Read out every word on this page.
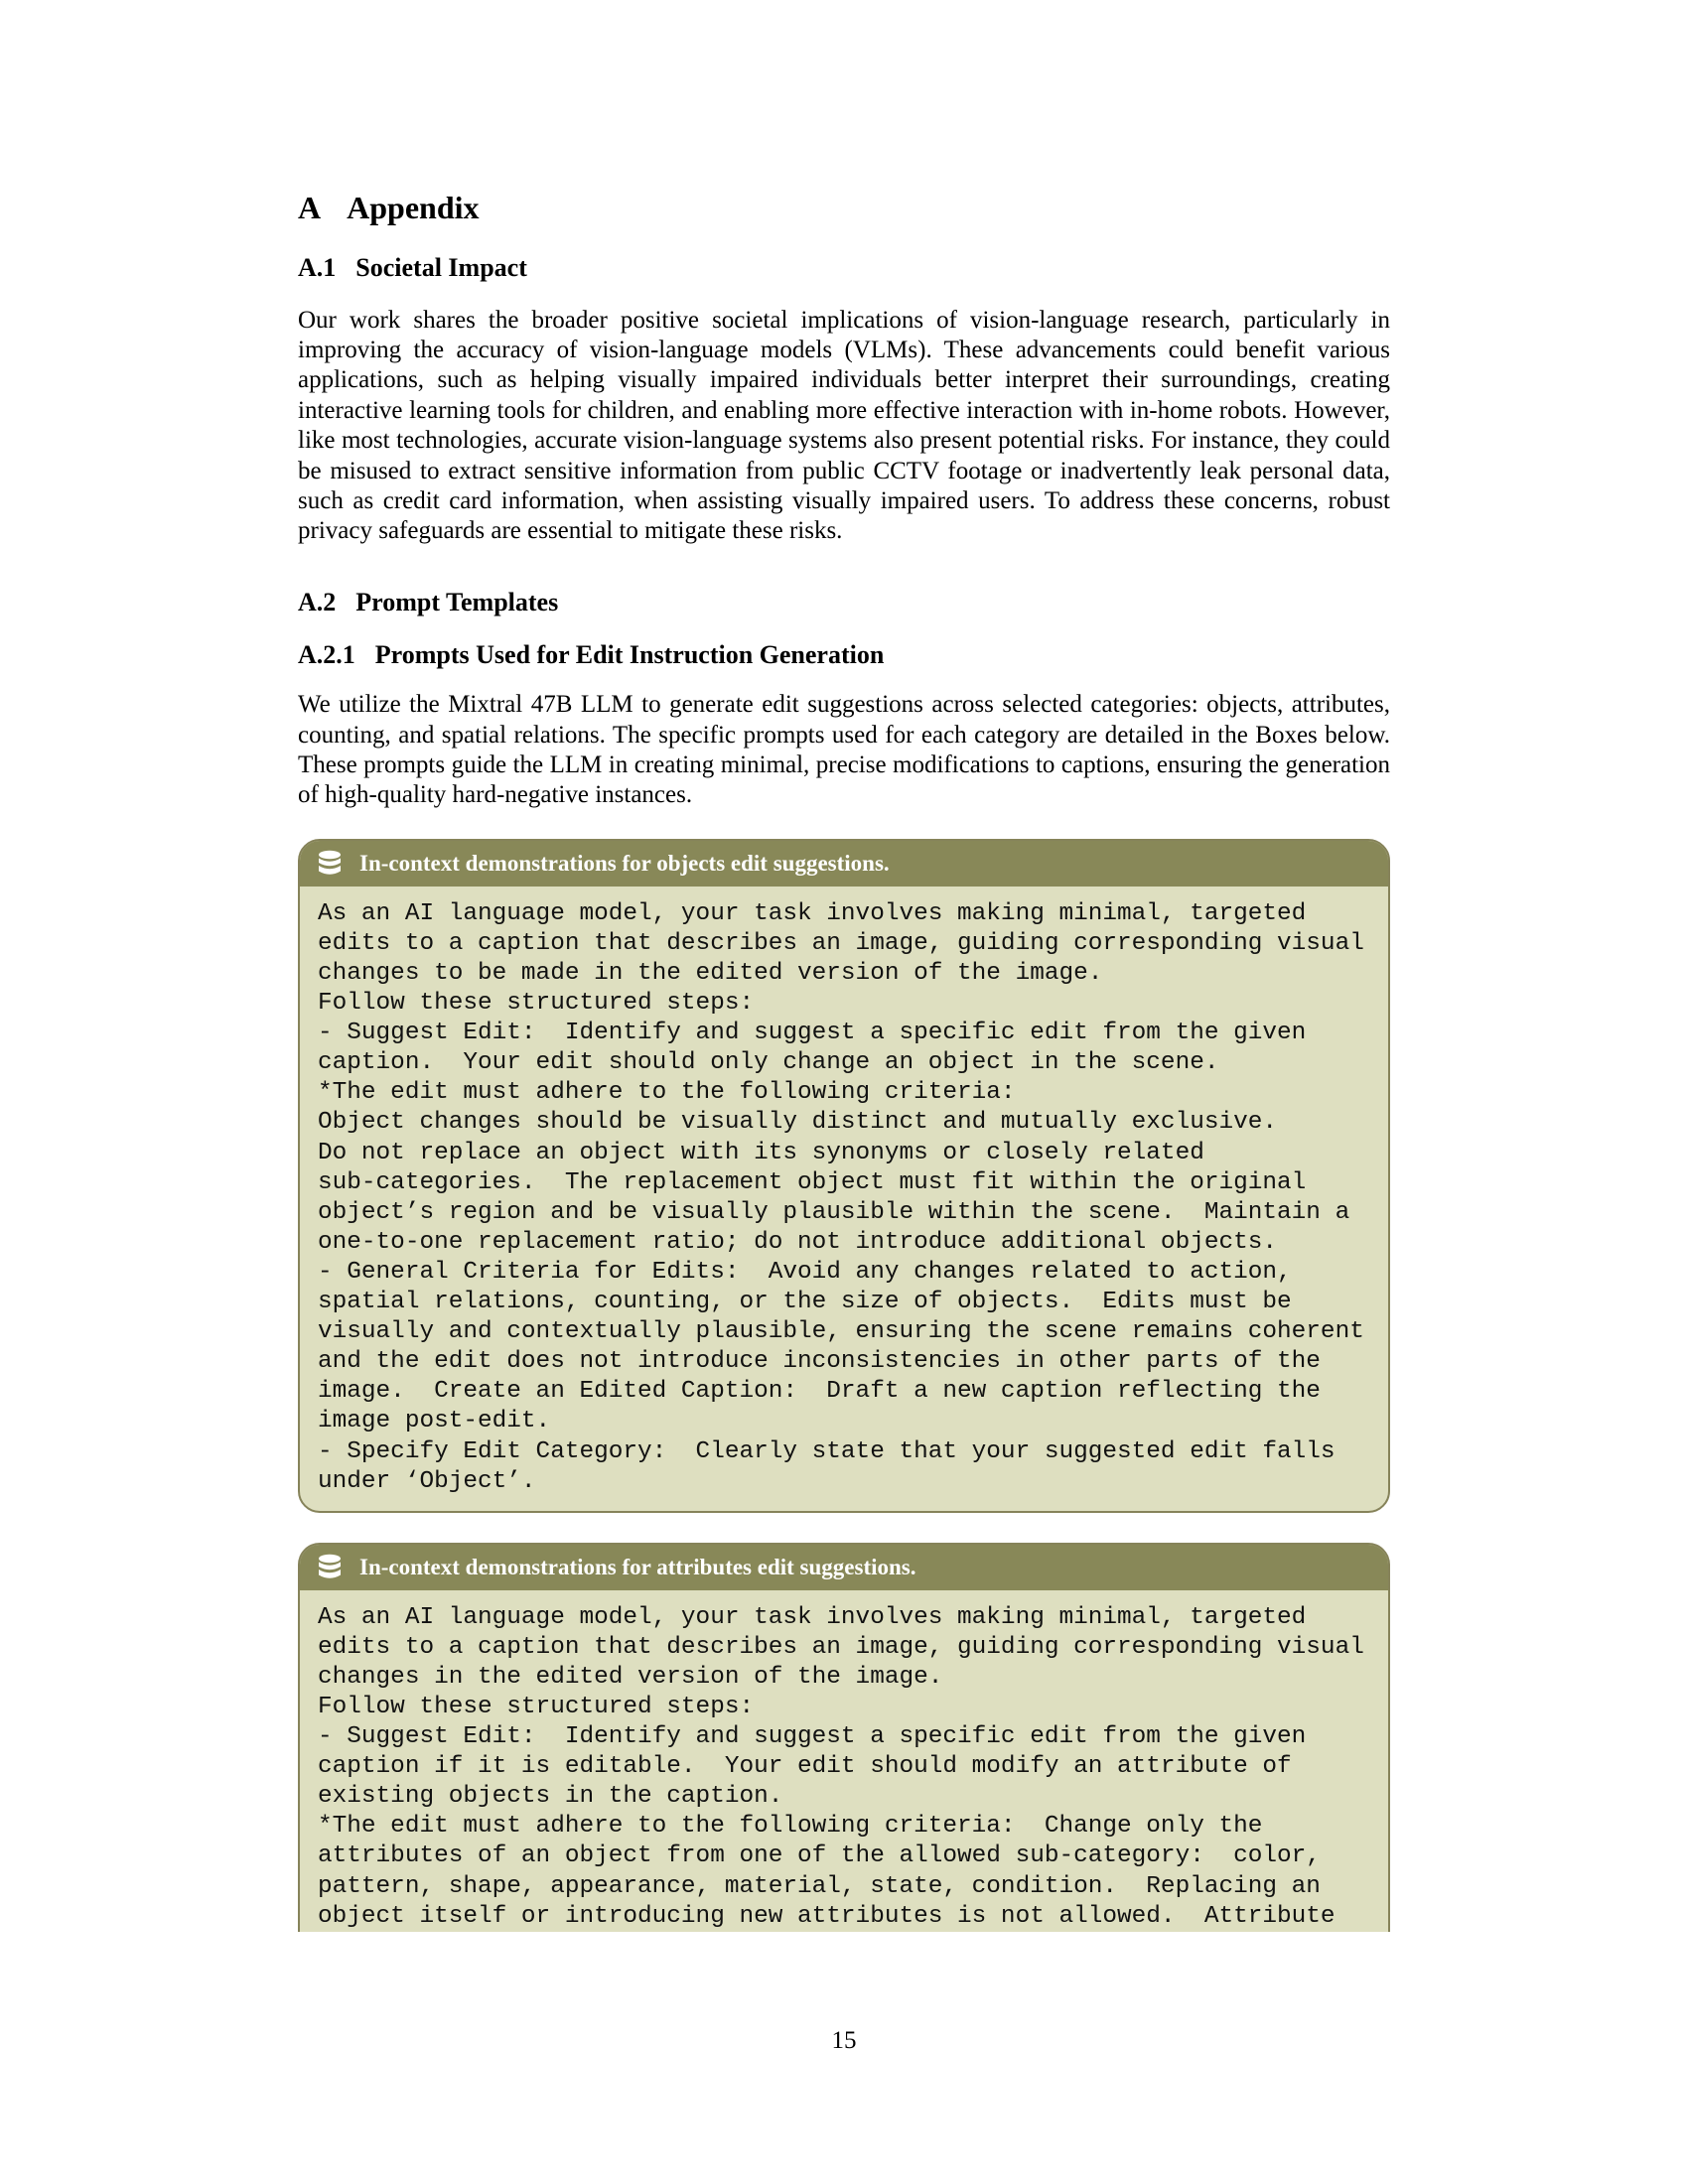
A Appendix
A.1 Societal Impact

Our work shares the broader positive societal implications of vision-language research, particularly in improving the accuracy of vision-language models (VLMs). These advancements could benefit various applications, such as helping visually impaired individuals better interpret their surroundings, creating interactive learning tools for children, and enabling more effective interaction with in-home robots. However, like most technologies, accurate vision-language systems also present potential risks. For instance, they could be misused to extract sensitive information from public CCTV footage or inadvertently leak personal data, such as credit card information, when assisting visually impaired users. To address these concerns, robust privacy safeguards are essential to mitigate these risks.

A.2 Prompt Templates
A.2.1 Prompts Used for Edit Instruction Generation

We utilize the Mixtral 47B LLM to generate edit suggestions across selected categories: objects, attributes, counting, and spatial relations. The specific prompts used for each category are detailed in the Boxes below. These prompts guide the LLM in creating minimal, precise modifications to captions, ensuring the generation of high-quality hard-negative instances.

In-context demonstrations for objects edit suggestions.
As an AI language model, your task involves making minimal, targeted
edits to a caption that describes an image, guiding corresponding visual
changes to be made in the edited version of the image.
Follow these structured steps:
- Suggest Edit:  Identify and suggest a specific edit from the given
caption.  Your edit should only change an object in the scene.
*The edit must adhere to the following criteria:
Object changes should be visually distinct and mutually exclusive.
Do not replace an object with its synonyms or closely related
sub-categories.  The replacement object must fit within the original
object’s region and be visually plausible within the scene.  Maintain a
one-to-one replacement ratio; do not introduce additional objects.
- General Criteria for Edits:  Avoid any changes related to action,
spatial relations, counting, or the size of objects.  Edits must be
visually and contextually plausible, ensuring the scene remains coherent
and the edit does not introduce inconsistencies in other parts of the
image.  Create an Edited Caption:  Draft a new caption reflecting the
image post-edit.
- Specify Edit Category:  Clearly state that your suggested edit falls
under ‘Object’.
In-context demonstrations for attributes edit suggestions.
As an AI language model, your task involves making minimal, targeted
edits to a caption that describes an image, guiding corresponding visual
changes in the edited version of the image.
Follow these structured steps:
- Suggest Edit:  Identify and suggest a specific edit from the given
caption if it is editable.  Your edit should modify an attribute of
existing objects in the caption.
*The edit must adhere to the following criteria:  Change only the
attributes of an object from one of the allowed sub-category:  color,
pattern, shape, appearance, material, state, condition.  Replacing an
object itself or introducing new attributes is not allowed.  Attribute
15
